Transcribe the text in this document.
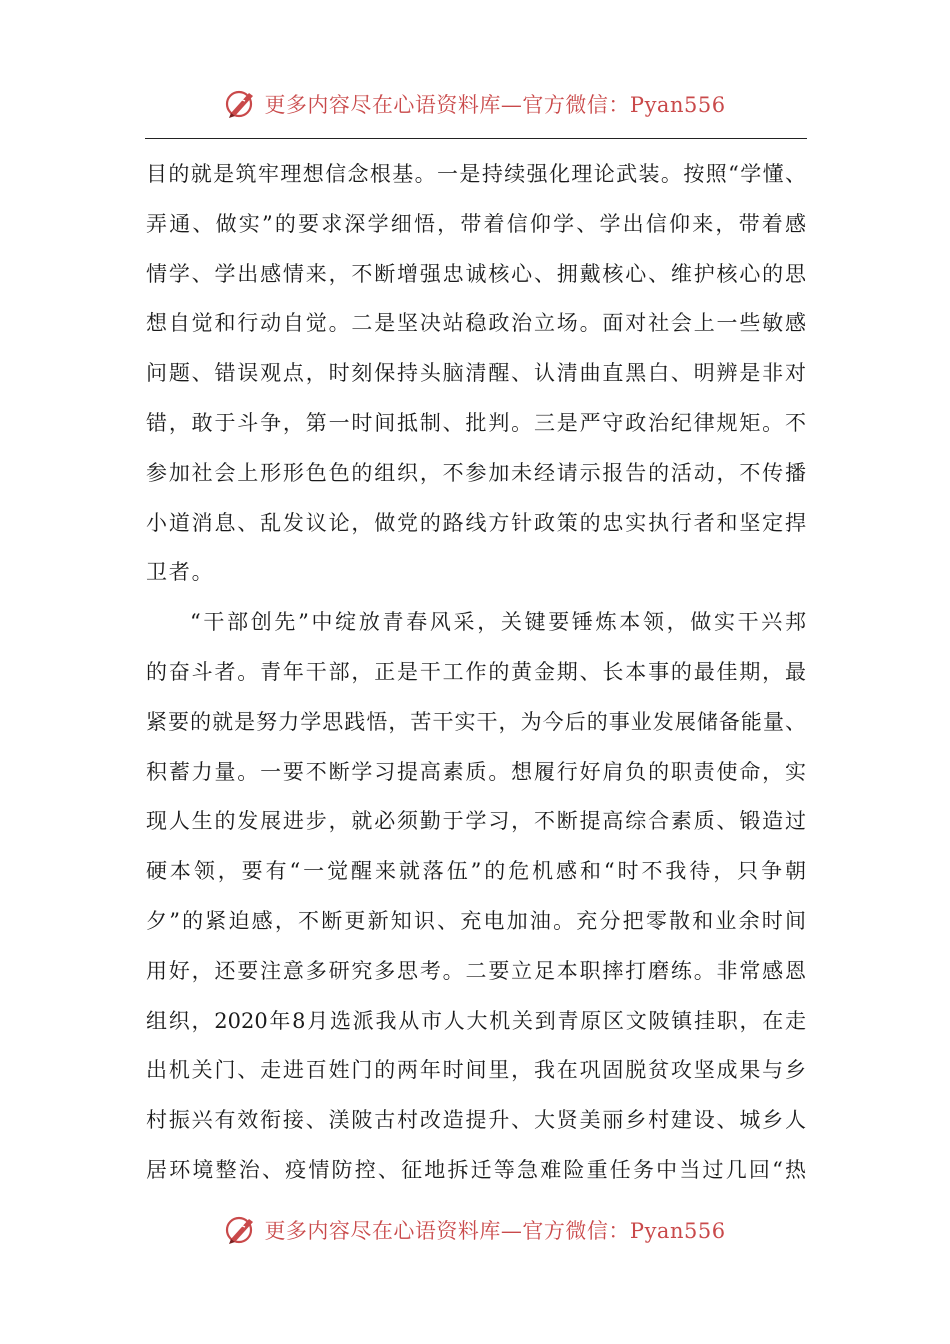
更多内容尽在心语资料库—官方微信：Pyan556
目的就是筑牢理想信念根基。一是持续强化理论武装。按照“学懂、
弄通、做实”的要求深学细悟，带着信仰学、学出信仰来，带着感
情学、学出感情来，不断增强忠诚核心、拥戴核心、维护核心的思
想自觉和行动自觉。二是坚决站稳政治立场。面对社会上一些敏感
问题、错误观点，时刻保持头脑清醒、认清曲直黑白、明辨是非对
错，敢于斗争，第一时间抵制、批判。三是严守政治纪律规矩。不
参加社会上形形色色的组织，不参加未经请示报告的活动，不传播
小道消息、乱发议论，做党的路线方针政策的忠实执行者和坚定捍
卫者。
“干部创先”中绽放青春风采，关键要锤炼本领，做实干兴邦
的奋斗者。青年干部，正是干工作的黄金期、长本事的最佳期，最
紧要的就是努力学思践悟，苦干实干，为今后的事业发展储备能量、
积蓄力量。一要不断学习提高素质。想履行好肩负的职责使命，实
现人生的发展进步，就必须勤于学习，不断提高综合素质、锻造过
硬本领，要有“一觉醒来就落伍”的危机感和“时不我待，只争朝
夕”的紧迫感，不断更新知识、充电加油。充分把零散和业余时间
用好，还要注意多研究多思考。二要立足本职摔打磨练。非常感恩
组织，2020年8月选派我从市人大机关到青原区文陂镇挂职，在走
出机关门、走进百姓门的两年时间里，我在巩固脱贫攻坚成果与乡
村振兴有效衔接、渼陂古村改造提升、大贤美丽乡村建设、城乡人
居环境整治、疫情防控、征地拆迁等急难险重任务中当过几回“热
更多内容尽在心语资料库—官方微信：Pyan556
